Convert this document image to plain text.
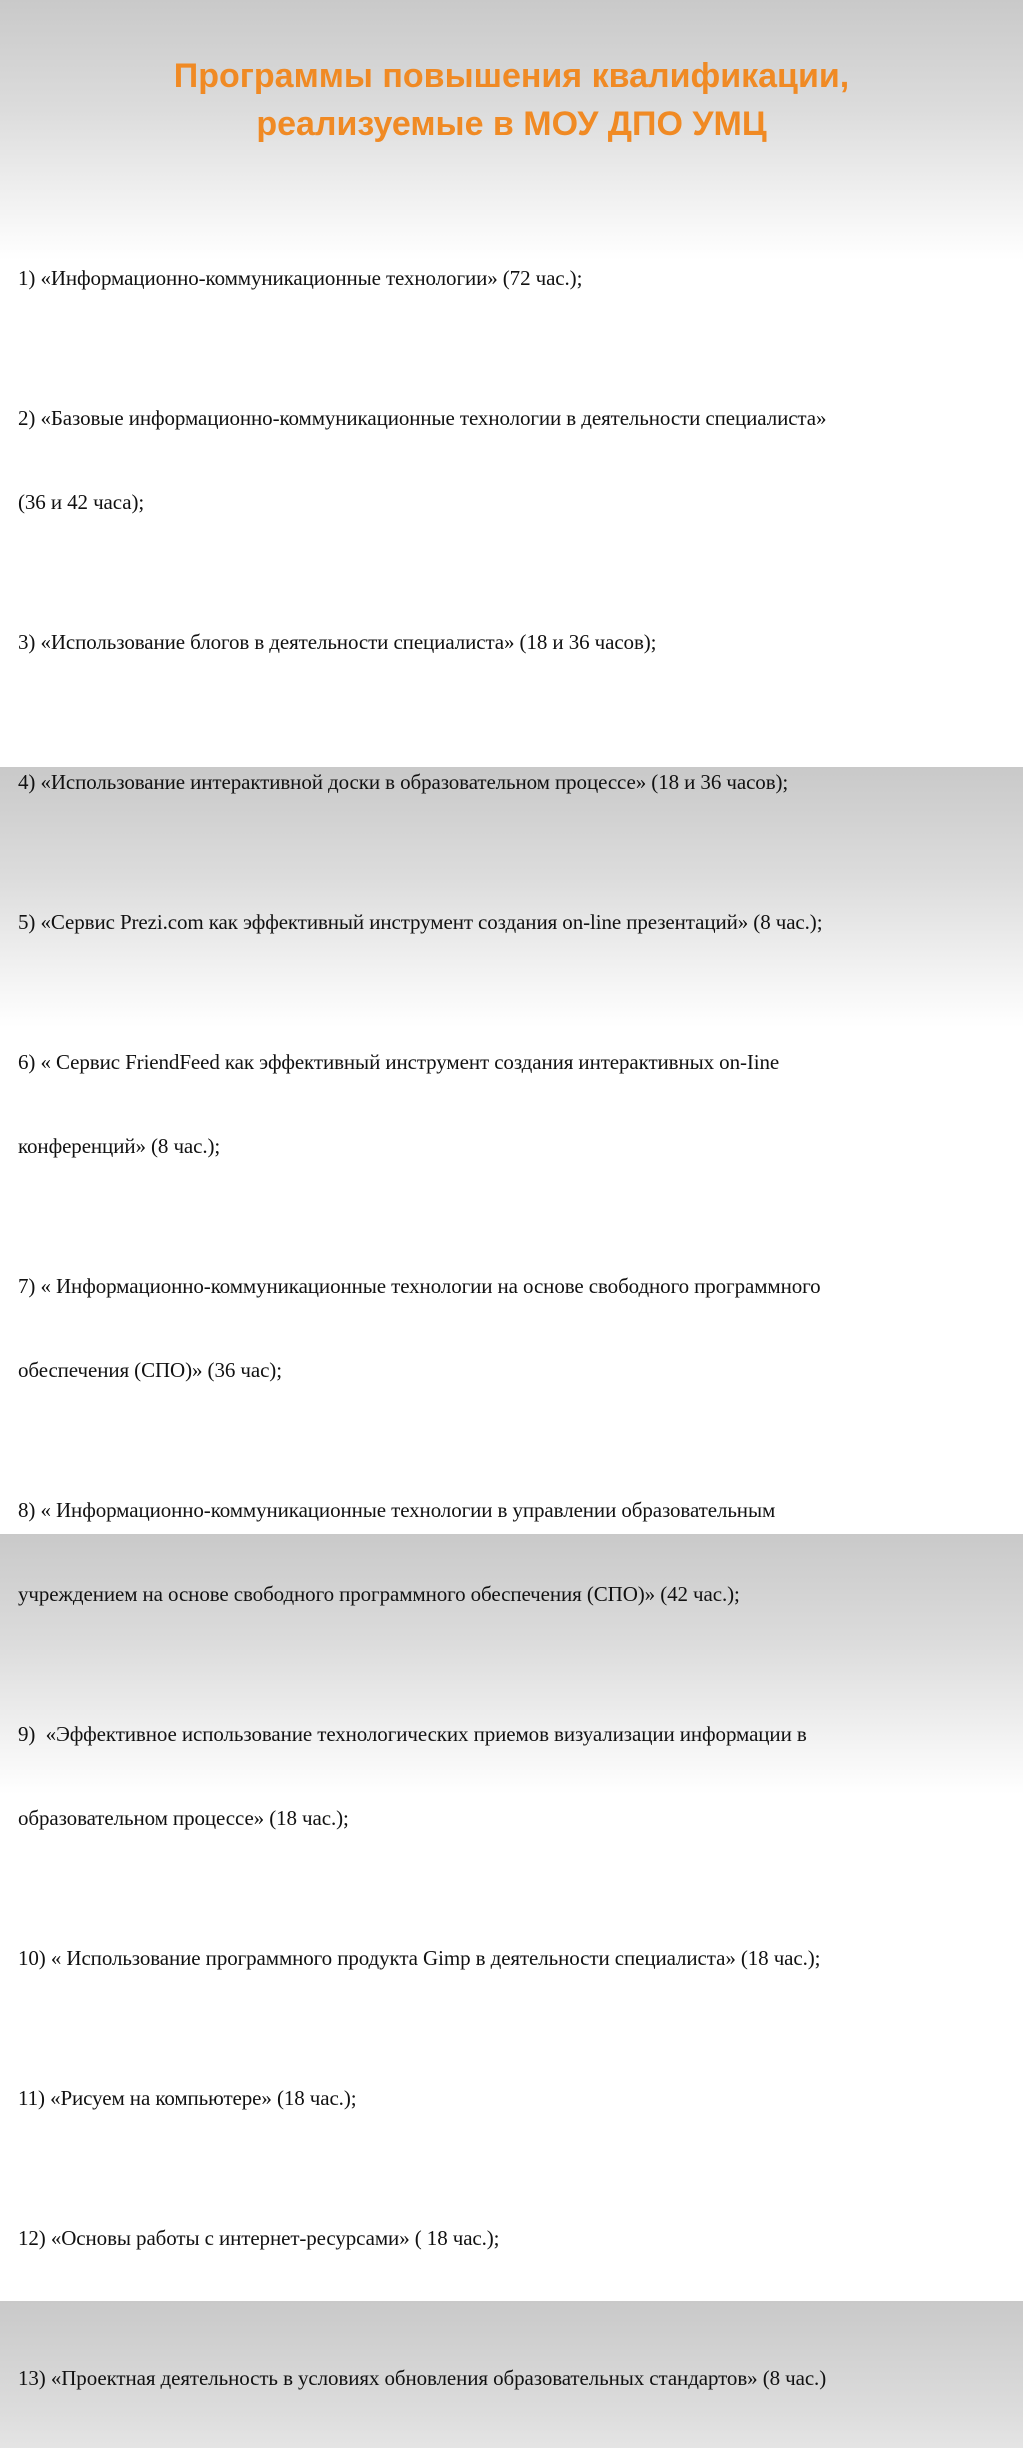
Программы повышения квалификации,
реализуемые в МОУ ДПО УМЦ

1) «Информационно-коммуникационные технологии» (72 час.);

2) «Базовые информационно-коммуникационные технологии в деятельности специалиста»

(36 и 42 часа);

3) «Использование блогов в деятельности специалиста» (18 и 36 часов);

4) «Использование интерактивной доски в образовательном процессе» (18 и 36 часов);

5) «Сервис Prezi.com как эффективный инструмент создания on-line презентаций» (8 час.);

6) « Сервис FriendFeed как эффективный инструмент создания интерактивных on-Iine

конференций» (8 час.);

7) « Информационно-коммуникационные технологии на основе свободного программного

обеспечения (СПО)» (36 час);

8) « Информационно-коммуникационные технологии в управлении образовательным

учреждением на основе свободного программного обеспечения (СПО)» (42 час.);

9)  «Эффективное использование технологических приемов визуализации информации в

образовательном процессе» (18 час.);

10) « Использование программного продукта Gimp в деятельности специалиста» (18 час.);

11) «Рисуем на компьютере» (18 час.);

12) «Основы работы с интернет-ресурсами» ( 18 час.);

13) «Проектная деятельность в условиях обновления образовательных стандартов» (8 час.)
